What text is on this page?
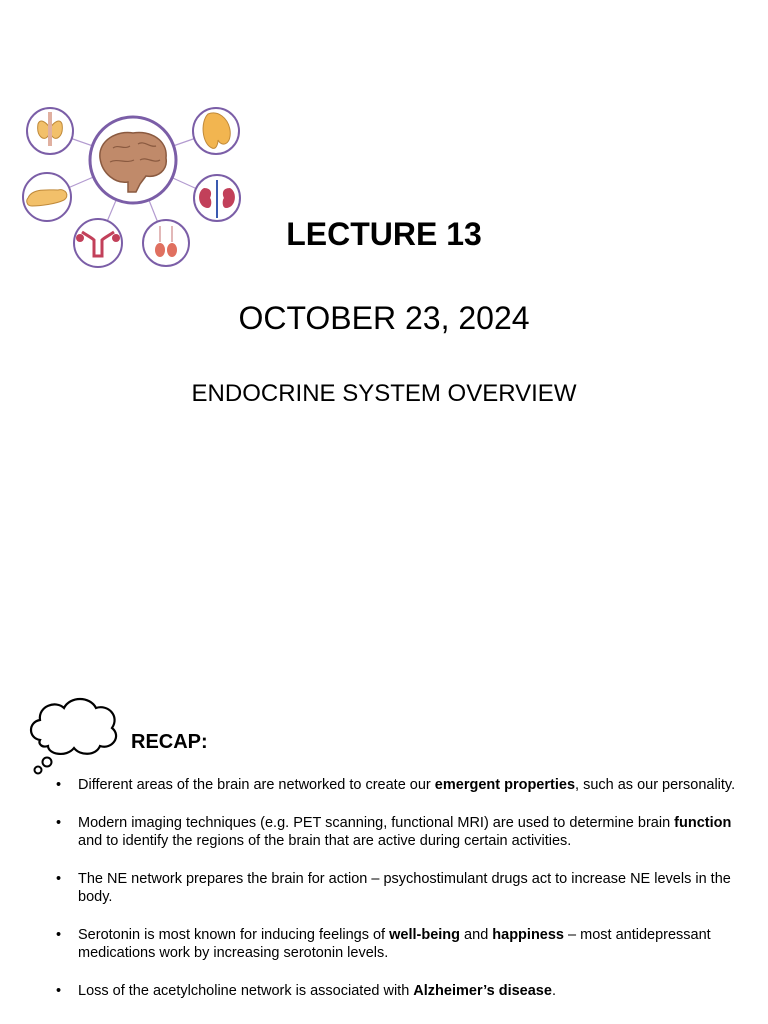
LECTURE 13
OCTOBER 23, 2024
ENDOCRINE SYSTEM OVERVIEW
RECAP:
• Different areas of the brain are networked to create our emergent properties, such as our personality.
• Modern imaging techniques (e.g. PET scanning, functional MRI) are used to determine brain function and to identify the regions of the brain that are active during certain activities.
• The NE network prepares the brain for action – psychostimulant drugs act to increase NE levels in the body.
• Serotonin is most known for inducing feelings of well-being and happiness – most antidepressant medications work by increasing serotonin levels.
• Loss of the acetylcholine network is associated with Alzheimer’s disease.
